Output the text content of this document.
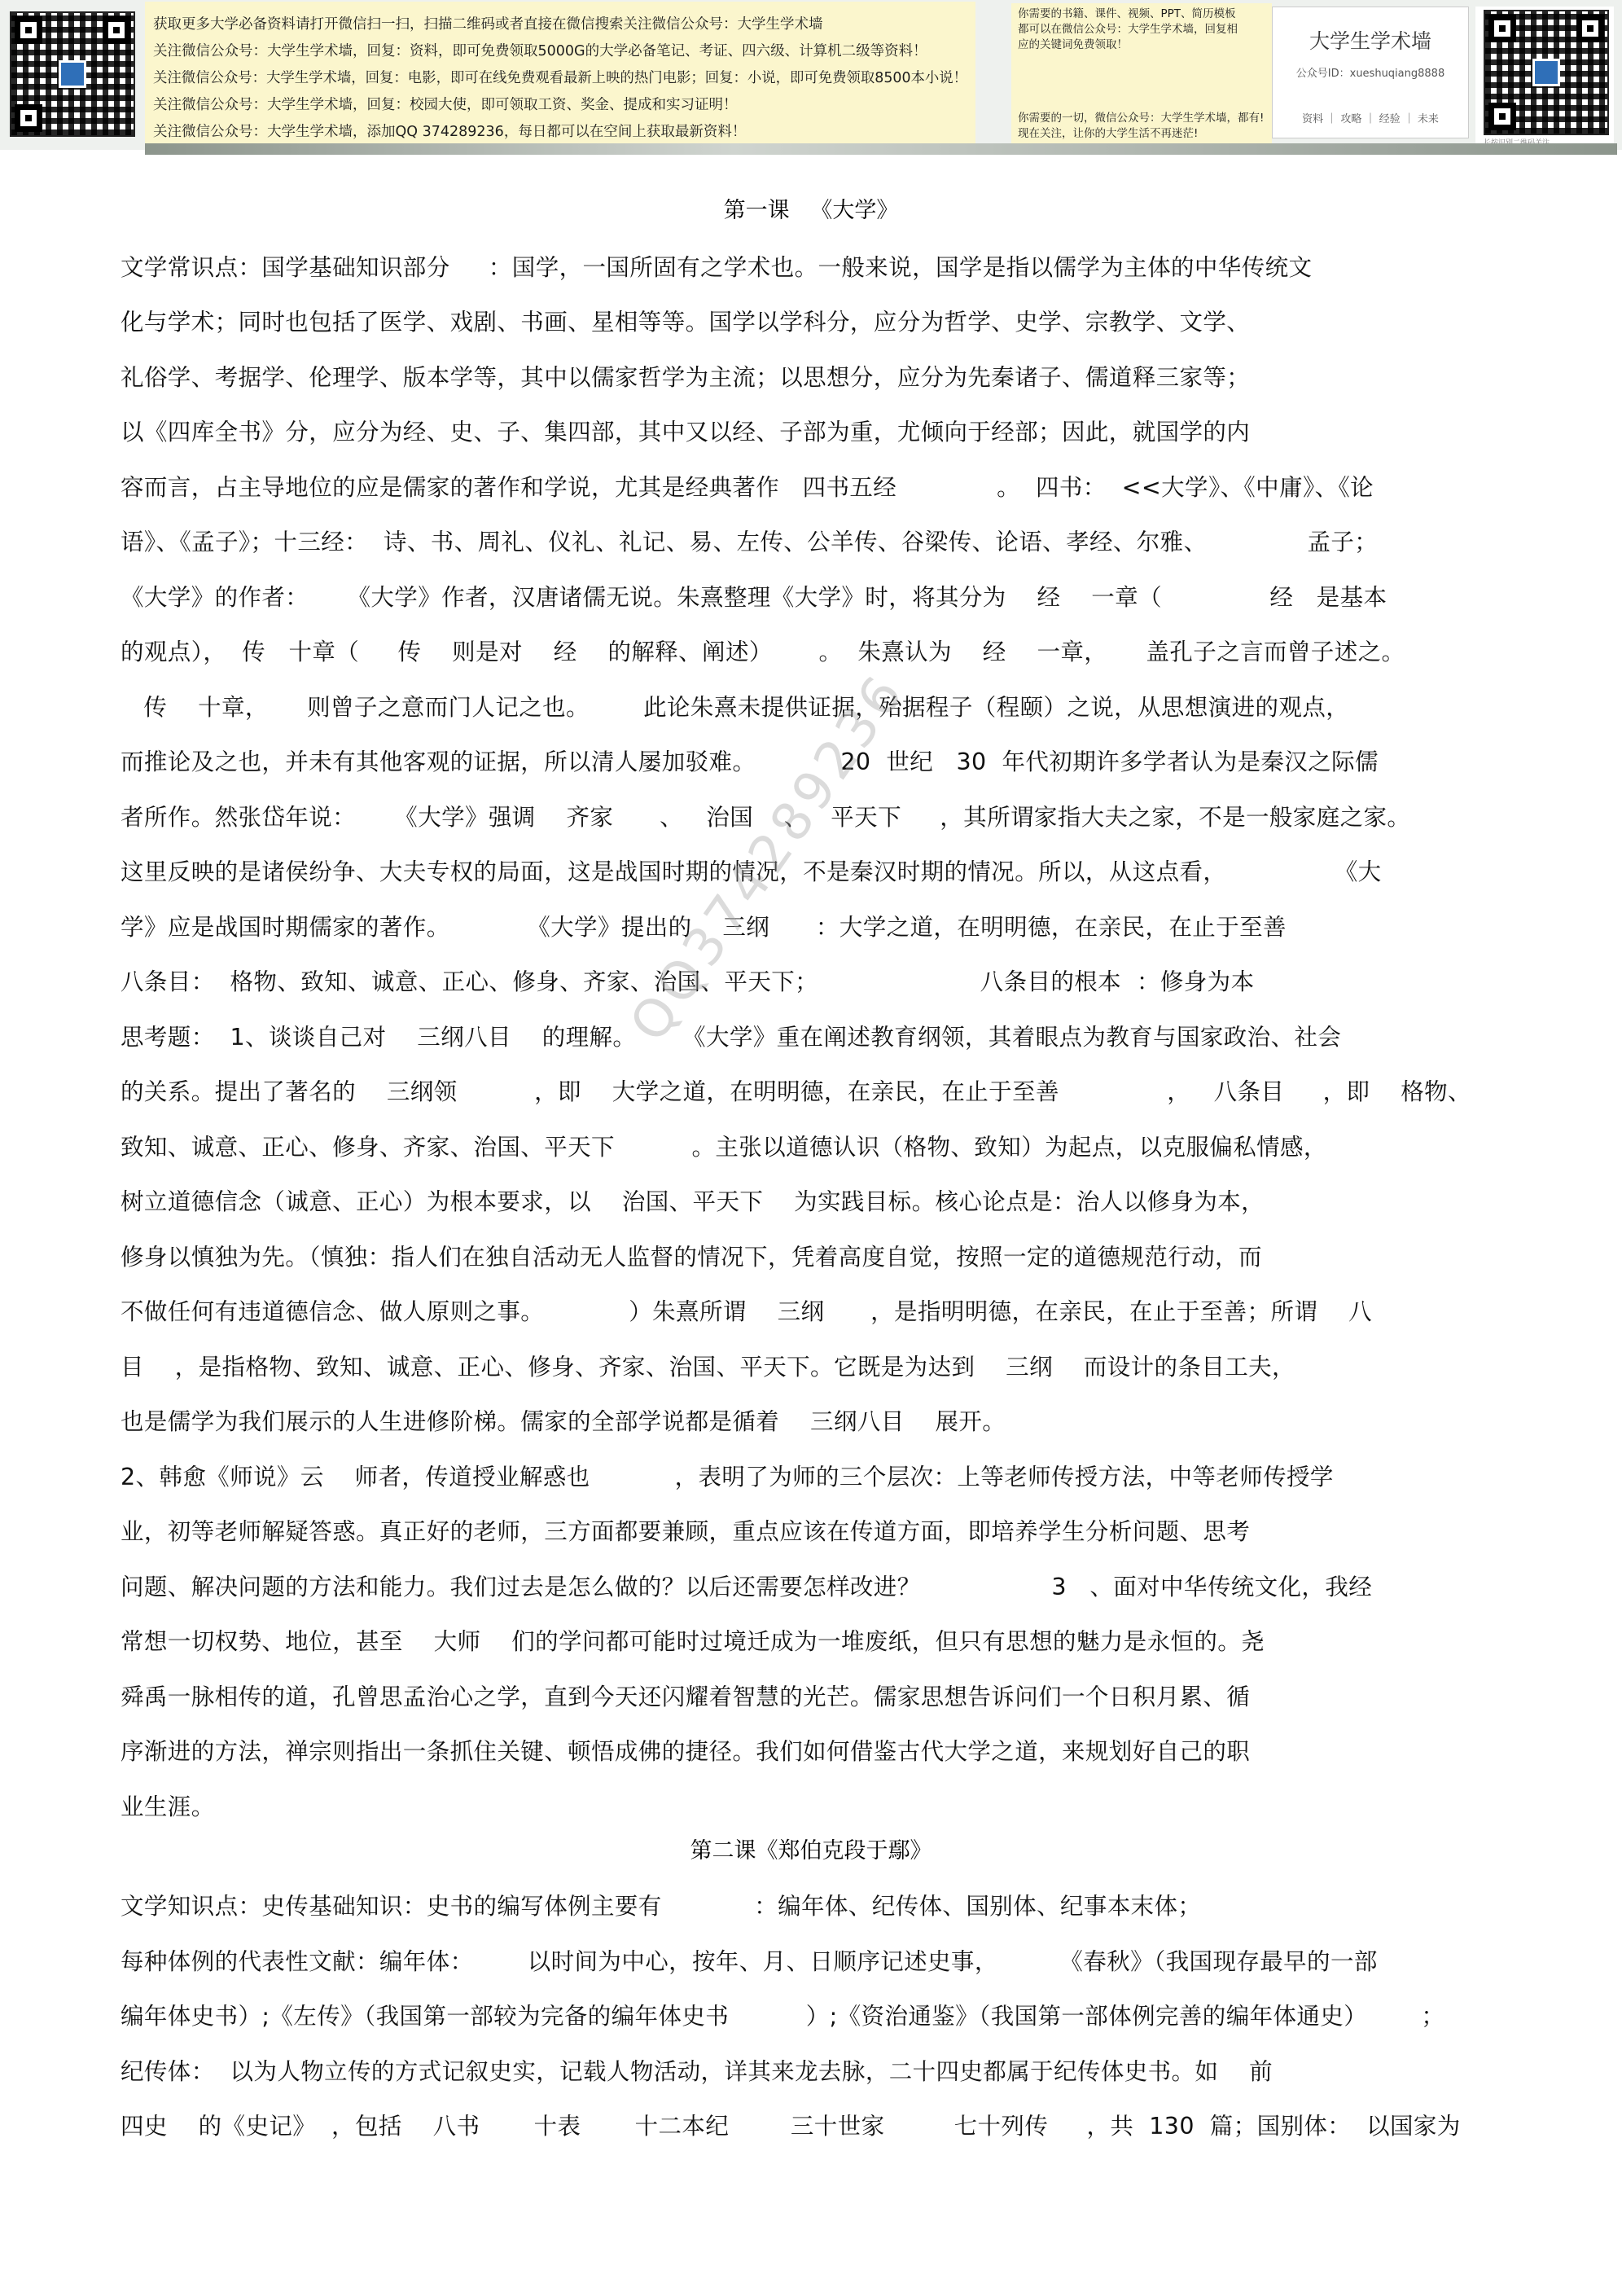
获取更多大学必备资料请打开微信扫一扫，扫描二维码或者直接在微信搜索关注微信公众号：大学生学术墙
关注微信公众号：大学生学术墙，回复：资料，即可免费领取5000G的大学必备笔记、考证、四六级、计算机二级等资料！
关注微信公众号：大学生学术墙，回复：电影，即可在线免费观看最新上映的热门电影；回复：小说，即可免费领取8500本小说！
关注微信公众号：大学生学术墙，回复：校园大使，即可领取工资、奖金、提成和实习证明！
关注微信公众号：大学生学术墙，添加QQ 374289236，每日都可以在空间上获取最新资料！
你需要的书籍、课件、视频、PPT、简历模板
都可以在微信公众号：大学生学术墙，回复相
应的关键词免费领取！
你需要的一切，微信公众号：大学生学术墙，都有!
现在关注，让你的大学生活不再迷茫!
大学生学术墙
公众号ID：xueshuqiang8888
资料 ｜ 攻略 ｜ 经验 ｜ 未来
第一课   《大学》
文学常识点：国学基础知识部分     ：国学，一国所固有之学术也。一般来说，国学是指以儒学为主体的中华传统文
化与学术；同时也包括了医学、戏剧、书画、星相等等。国学以学科分，应分为哲学、史学、宗教学、文学、
礼俗学、考据学、伦理学、版本学等，其中以儒家哲学为主流；以思想分，应分为先秦诸子、儒道释三家等；
以《四库全书》分，应分为经、史、子、集四部，其中又以经、子部为重，尤倾向于经部；因此，就国学的内
容而言，占主导地位的应是儒家的著作和学说，尤其是经典著作   四书五经             。  四书：  <<大学》、《中庸》、《论
语》、《孟子》；十三经：  诗、书、周礼、仪礼、礼记、易、左传、公羊传、谷梁传、论语、孝经、尔雅、             孟子；
《大学》的作者：     《大学》作者，汉唐诸儒无说。朱熹整理《大学》时，将其分为    经    一章（              经   是基本
的观点），  传   十章（     传    则是对    经    的解释、阐述）      。  朱熹认为    经    一章，     盖孔子之言而曾子述之。
传    十章，     则曾子之意而门人记之也。       此论朱熹未提供证据，殆据程子（程颐）之说，从思想演进的观点，
而推论及之也，并未有其他客观的证据，所以清人屡加驳难。           20  世纪   30  年代初期许多学者认为是秦汉之际儒
者所作。然张岱年说：     《大学》强调    齐家      、   治国    、   平天下     ，其所谓家指大夫之家，不是一般家庭之家。
这里反映的是诸侯纷争、大夫专权的局面，这是战国时期的情况，不是秦汉时期的情况。所以，从这点看，              《大
学》应是战国时期儒家的著作。          《大学》提出的    三纲      ：大学之道，在明明德，在亲民，在止于至善
八条目：  格物、致知、诚意、正心、修身、齐家、治国、平天下；                     八条目的根本  ：修身为本
思考题：  1、谈谈自己对    三纲八目    的理解。      《大学》重在阐述教育纲领，其着眼点为教育与国家政治、社会
的关系。提出了著名的    三纲领          ，即    大学之道，在明明德，在亲民，在止于至善              ，   八条目     ，即    格物、
致知、诚意、正心、修身、齐家、治国、平天下          。主张以道德认识（格物、致知）为起点，以克服偏私情感，
树立道德信念（诚意、正心）为根本要求，以    治国、平天下    为实践目标。核心论点是：治人以修身为本，
修身以慎独为先。（慎独：指人们在独自活动无人监督的情况下，凭着高度自觉，按照一定的道德规范行动，而
不做任何有违道德信念、做人原则之事。           ）朱熹所谓    三纲      ，是指明明德，在亲民，在止于至善；所谓    八
目    ，是指格物、致知、诚意、正心、修身、齐家、治国、平天下。它既是为达到    三纲    而设计的条目工夫，
也是儒学为我们展示的人生进修阶梯。儒家的全部学说都是循着    三纲八目    展开。
2、韩愈《师说》云    师者，传道授业解惑也           ，表明了为师的三个层次：上等老师传授方法，中等老师传授学
业，初等老师解疑答惑。真正好的老师，三方面都要兼顾，重点应该在传道方面，即培养学生分析问题、思考
问题、解决问题的方法和能力。我们过去是怎么做的？以后还需要怎样改进？                 3   、面对中华传统文化，我经
常想一切权势、地位，甚至    大师    们的学问都可能时过境迁成为一堆废纸，但只有思想的魅力是永恒的。尧
舜禹一脉相传的道，孔曾思孟治心之学，直到今天还闪耀着智慧的光芒。儒家思想告诉问们一个日积月累、循
序渐进的方法，禅宗则指出一条抓住关键、顿悟成佛的捷径。我们如何借鉴古代大学之道，来规划好自己的职
业生涯。
第二课《郑伯克段于鄢》
文学知识点：史传基础知识：史书的编写体例主要有            ：编年体、纪传体、国别体、纪事本末体；
每种体例的代表性文献：编年体：       以时间为中心，按年、月、日顺序记述史事，        《春秋》（我国现存最早的一部
编年体史书）;《左传》（我国第一部较为完备的编年体史书          ）;《资治通鉴》（我国第一部体例完善的编年体通史）       ；
纪传体：  以为人物立传的方式记叙史实，记载人物活动，详其来龙去脉，二十四史都属于纪传体史书。如    前
四史    的《史记》  ，包括    八书       十表       十二本纪        三十世家         七十列传     ，共  130  篇；国别体：  以国家为
QQ374289236
